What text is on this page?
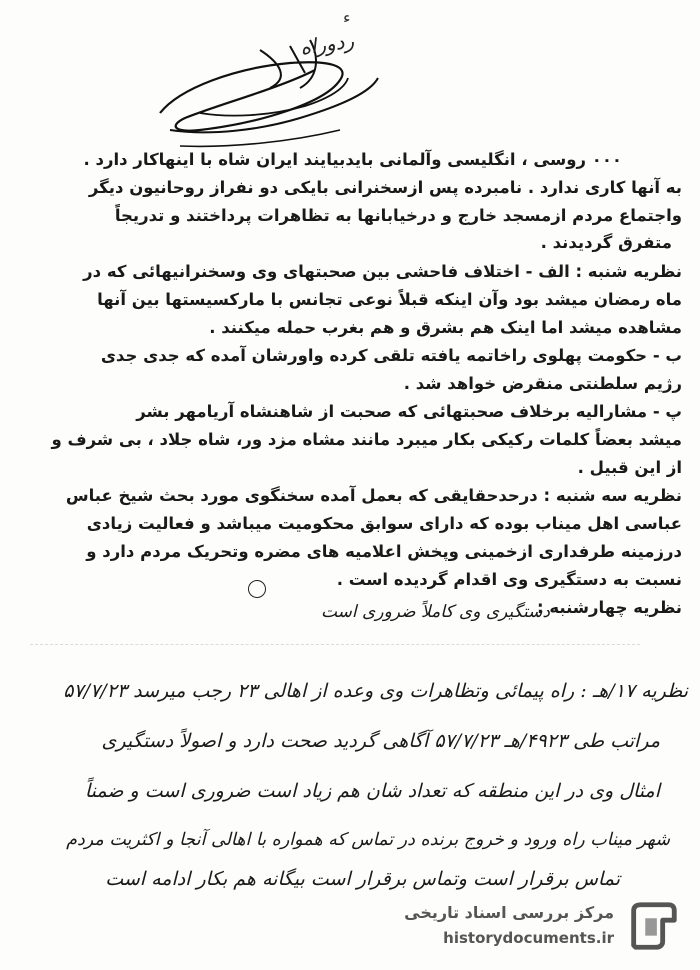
ء
ردوراه
۰۰۰ روسی ، انگلیسی وآلمانی بایدبیایند ایران شاه با اینهاکار دارد .
به آنها کاری ندارد . نامبرده پس ازسخنرانی بایکی دو نفراز روحانیون دیگر
واجتماع مردم ازمسجد خارج و درخیابانها به تظاهرات پرداختند و تدریجاً
متفرق گردیدند .
نظریه شنبه : الف - اختلاف فاحشی بین صحبتهای وی وسخنرانیهائی که در
ماه رمضان میشد بود وآن اینکه قبلاً نوعی تجانس با مارکسیستها بین آنها
مشاهده میشد اما اینک هم بشرق و هم بغرب حمله میکنند .
ب - حکومت پهلوی راخاتمه یافته تلقی کرده واورشان آمده که جدی جدی
رژیم سلطنتی منقرض خواهد شد .
پ - مشارالیه برخلاف صحبتهائی که صحبت از شاهنشاه آریامهر بشر
میشد بعضاً کلمات رکیکی بکار میبرد مانند مشاه مزد ور، شاه جلاد ، بی شرف و
از این قبیل .
نظریه سه شنبه : درحدحقایقی که بعمل آمده سخنگوی مورد بحث شیخ عباس
عباسی اهل میناب بوده که دارای سوابق محکومیت میباشد و فعالیت زیادی
درزمینه طرفداری ازخمینی وپخش اعلامیه های مضره وتحریک مردم دارد و
نسبت به دستگیری وی اقدام گردیده است .
نظریه چهارشنبه :
دستگیری وی کاملاً ضروری است
نظریه ۱۷/هـ : راه پیمائی وتظاهرات وی وعده از اهالی ۲۳ رجب میرسد ۵۷/۷/۲۳
مراتب طی ۴۹۲۳/هـ ۵۷/۷/۲۳ آگاهی گردید صحت دارد و اصولاً دستگیری
امثال وی در این منطقه که تعداد شان هم زیاد است ضروری است و ضمناً
شهر میناب راه ورود و خروج برنده در تماس که همواره با اهالی آنجا و اکثریت مردم
تماس برقرار است وتماس برقرار است بیگانه هم بکار ادامه است
مرکز بررسی اسناد تاریخی
historydocuments.ir
